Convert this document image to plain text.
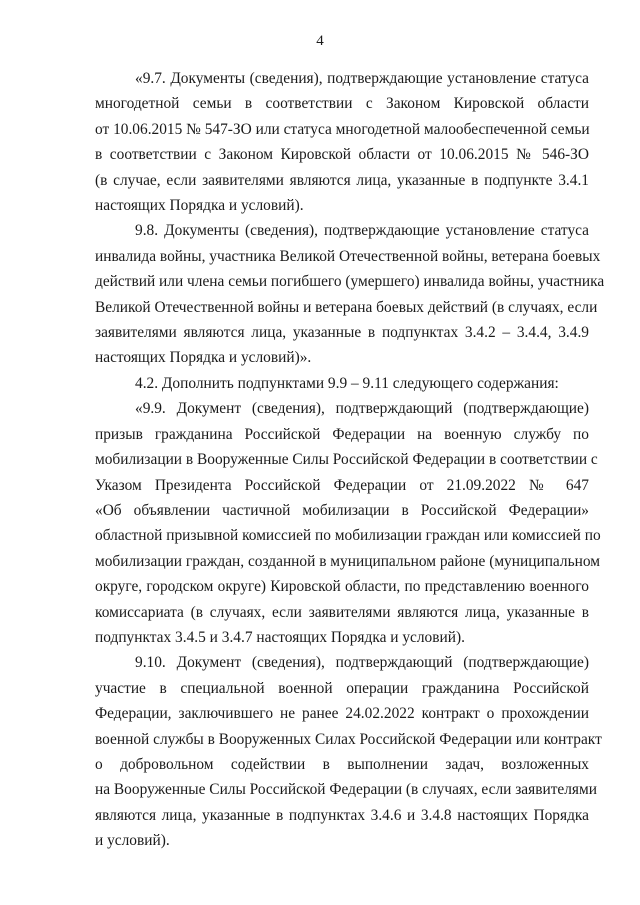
4
«9.7. Документы (сведения), подтверждающие установление статуса
многодетной семьи в соответствии с Законом Кировской области
от 10.06.2015 № 547-ЗО или статуса многодетной малообеспеченной семьи
в соответствии с Законом Кировской области от 10.06.2015 № 546-ЗО
(в случае, если заявителями являются лица, указанные в подпункте 3.4.1
настоящих Порядка и условий).
9.8. Документы (сведения), подтверждающие установление статуса
инвалида войны, участника Великой Отечественной войны, ветерана боевых
действий или члена семьи погибшего (умершего) инвалида войны, участника
Великой Отечественной войны и ветерана боевых действий (в случаях, если
заявителями являются лица, указанные в подпунктах 3.4.2 – 3.4.4, 3.4.9
настоящих Порядка и условий)».
4.2. Дополнить подпунктами 9.9 – 9.11 следующего содержания:
«9.9. Документ (сведения), подтверждающий (подтверждающие)
призыв гражданина Российской Федерации на военную службу по
мобилизации в Вооруженные Силы Российской Федерации в соответствии с
Указом Президента Российской Федерации от 21.09.2022 № 647
«Об объявлении частичной мобилизации в Российской Федерации»
областной призывной комиссией по мобилизации граждан или комиссией по
мобилизации граждан, созданной в муниципальном районе (муниципальном
округе, городском округе) Кировской области, по представлению военного
комиссариата (в случаях, если заявителями являются лица, указанные в
подпунктах 3.4.5 и 3.4.7 настоящих Порядка и условий).
9.10. Документ (сведения), подтверждающий (подтверждающие)
участие в специальной военной операции гражданина Российской
Федерации, заключившего не ранее 24.02.2022 контракт о прохождении
военной службы в Вооруженных Силах Российской Федерации или контракт
о добровольном содействии в выполнении задач, возложенных
на Вооруженные Силы Российской Федерации (в случаях, если заявителями
являются лица, указанные в подпунктах 3.4.6 и 3.4.8 настоящих Порядка
и условий).
